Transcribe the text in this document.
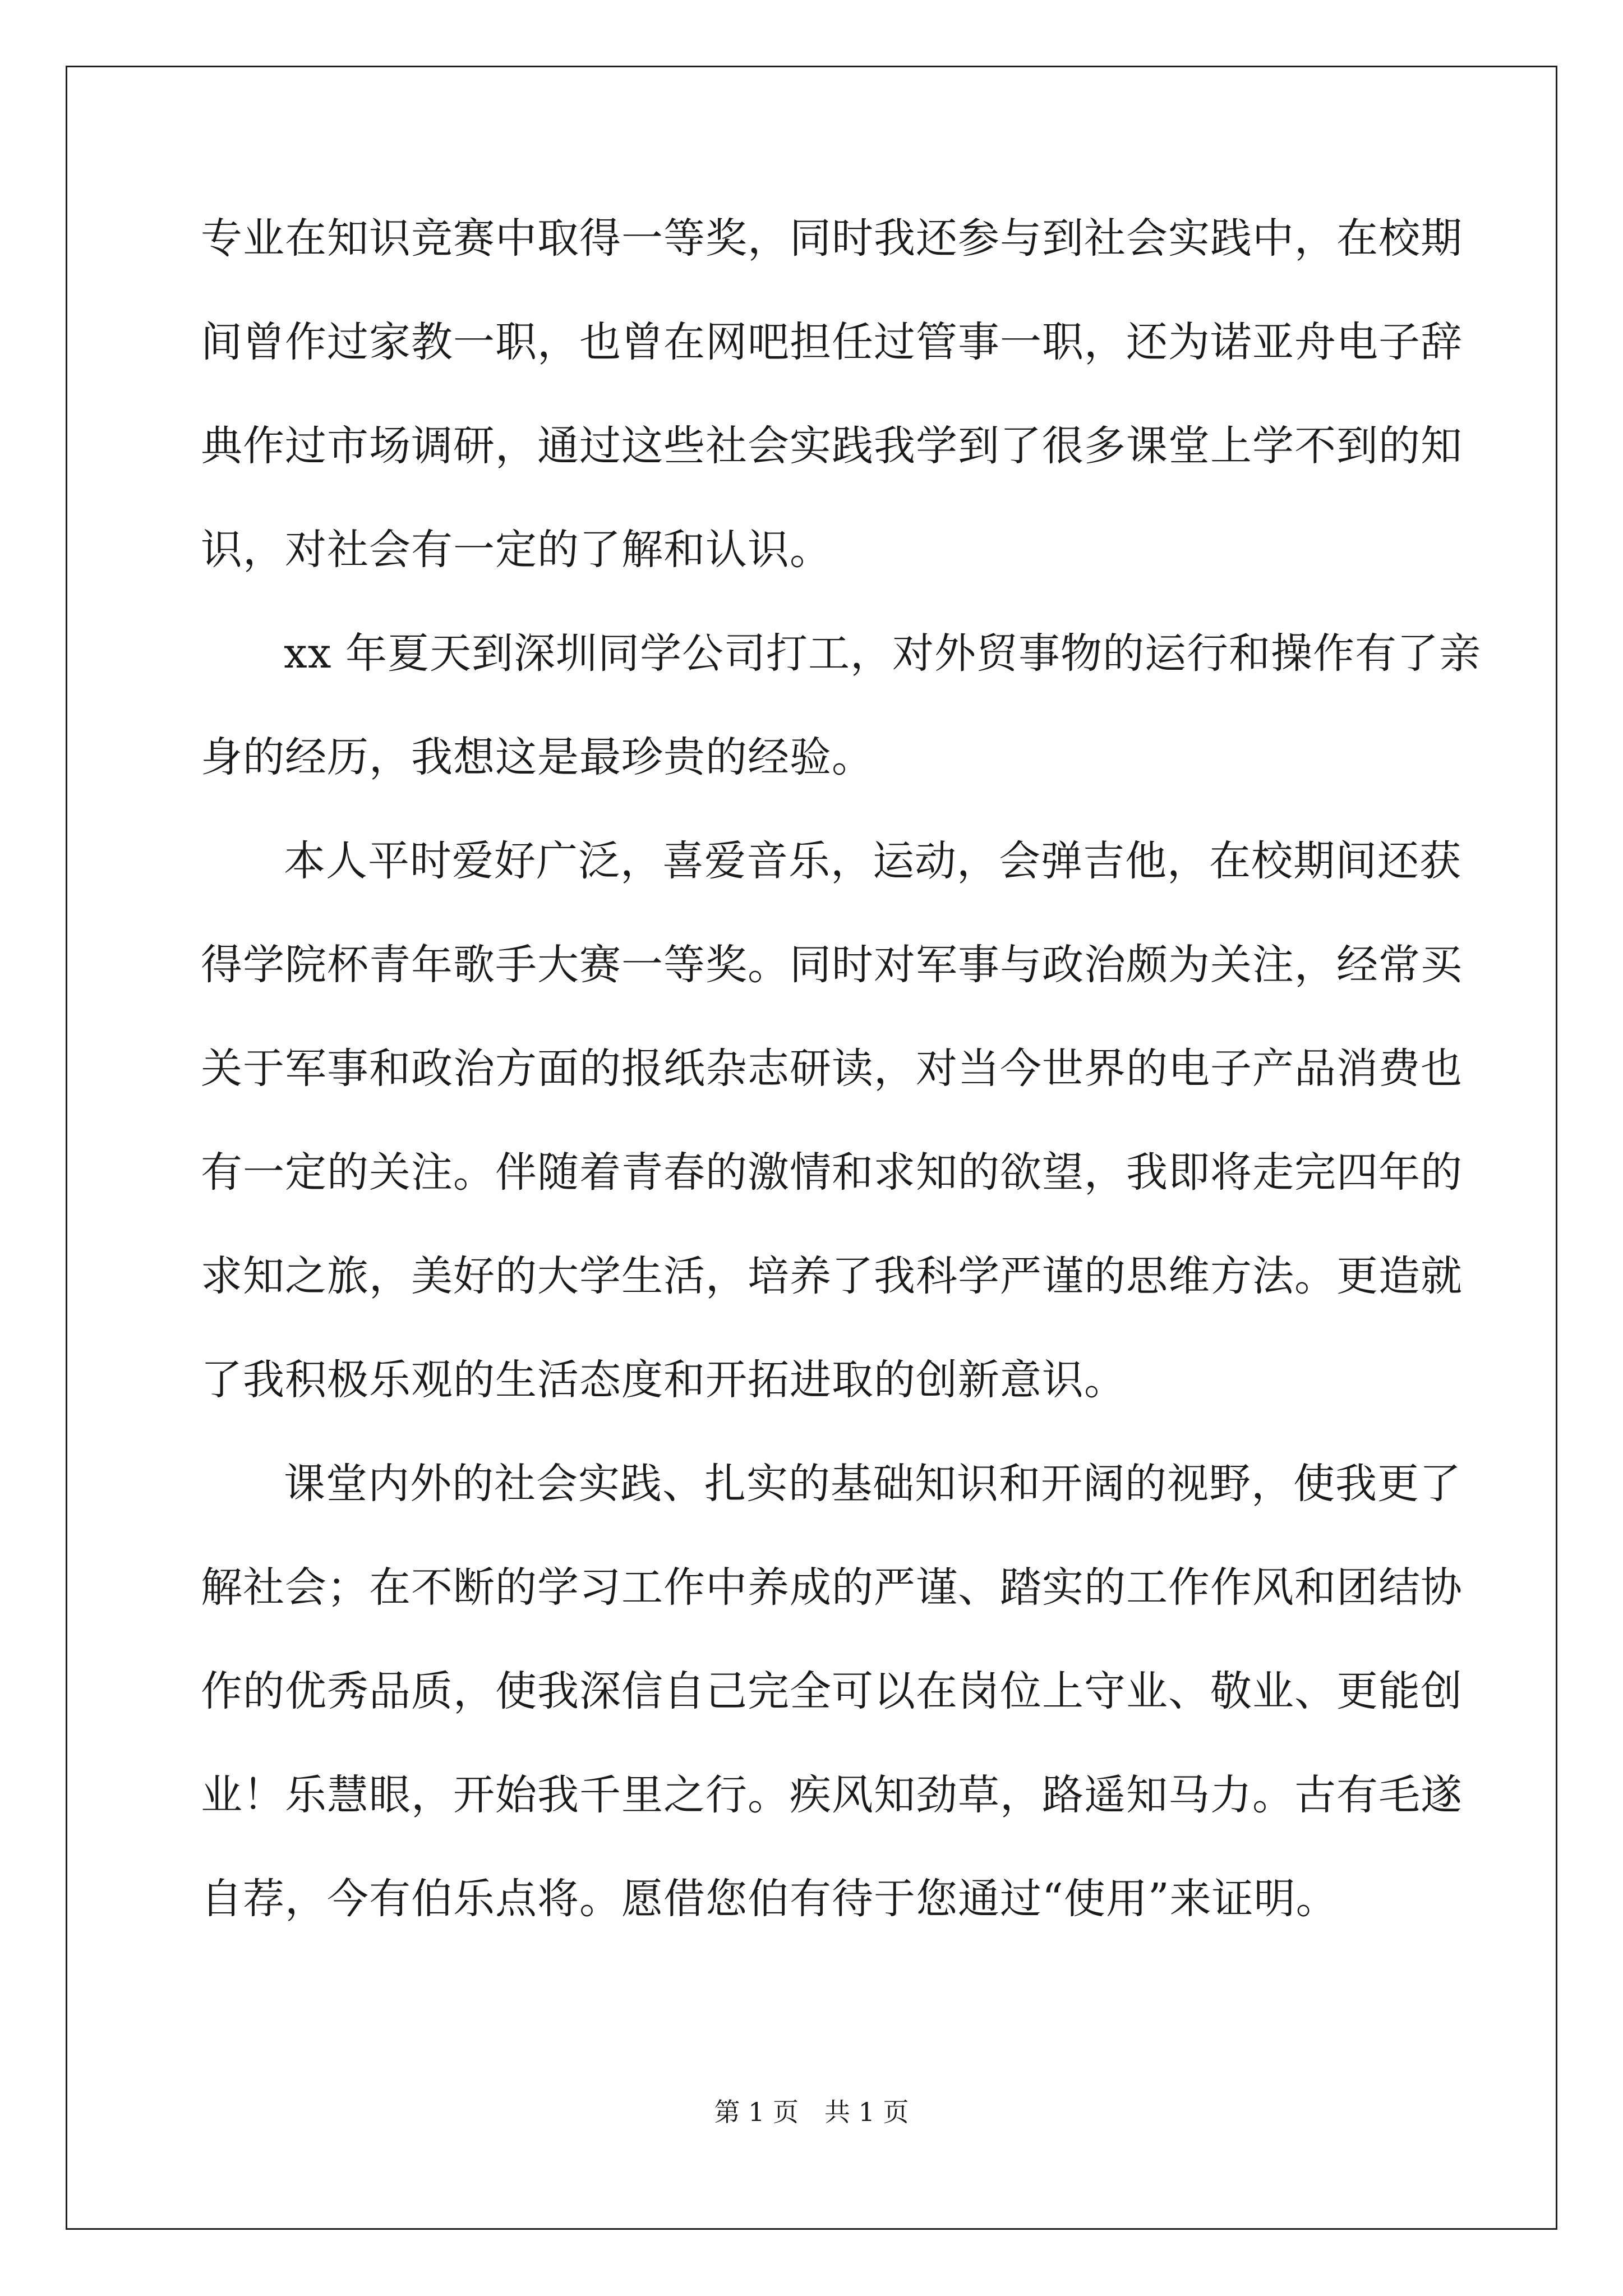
专业在知识竞赛中取得一等奖，同时我还参与到社会实践中，在校期
间曾作过家教一职，也曾在网吧担任过管事一职，还为诺亚舟电子辞
典作过市场调研，通过这些社会实践我学到了很多课堂上学不到的知
识，对社会有一定的了解和认识。
xx 年夏天到深圳同学公司打工，对外贸事物的运行和操作有了亲
身的经历，我想这是最珍贵的经验。
本人平时爱好广泛，喜爱音乐，运动，会弹吉他，在校期间还获
得学院杯青年歌手大赛一等奖。同时对军事与政治颇为关注，经常买
关于军事和政治方面的报纸杂志研读，对当今世界的电子产品消费也
有一定的关注。伴随着青春的激情和求知的欲望，我即将走完四年的
求知之旅，美好的大学生活，培养了我科学严谨的思维方法。更造就
了我积极乐观的生活态度和开拓进取的创新意识。
课堂内外的社会实践、扎实的基础知识和开阔的视野，使我更了
解社会；在不断的学习工作中养成的严谨、踏实的工作作风和团结协
作的优秀品质，使我深信自己完全可以在岗位上守业、敬业、更能创
业！乐慧眼，开始我千里之行。疾风知劲草，路遥知马力。古有毛遂
自荐，今有伯乐点将。愿借您伯有待于您通过“使用”来证明。
第 1 页　共 1 页
